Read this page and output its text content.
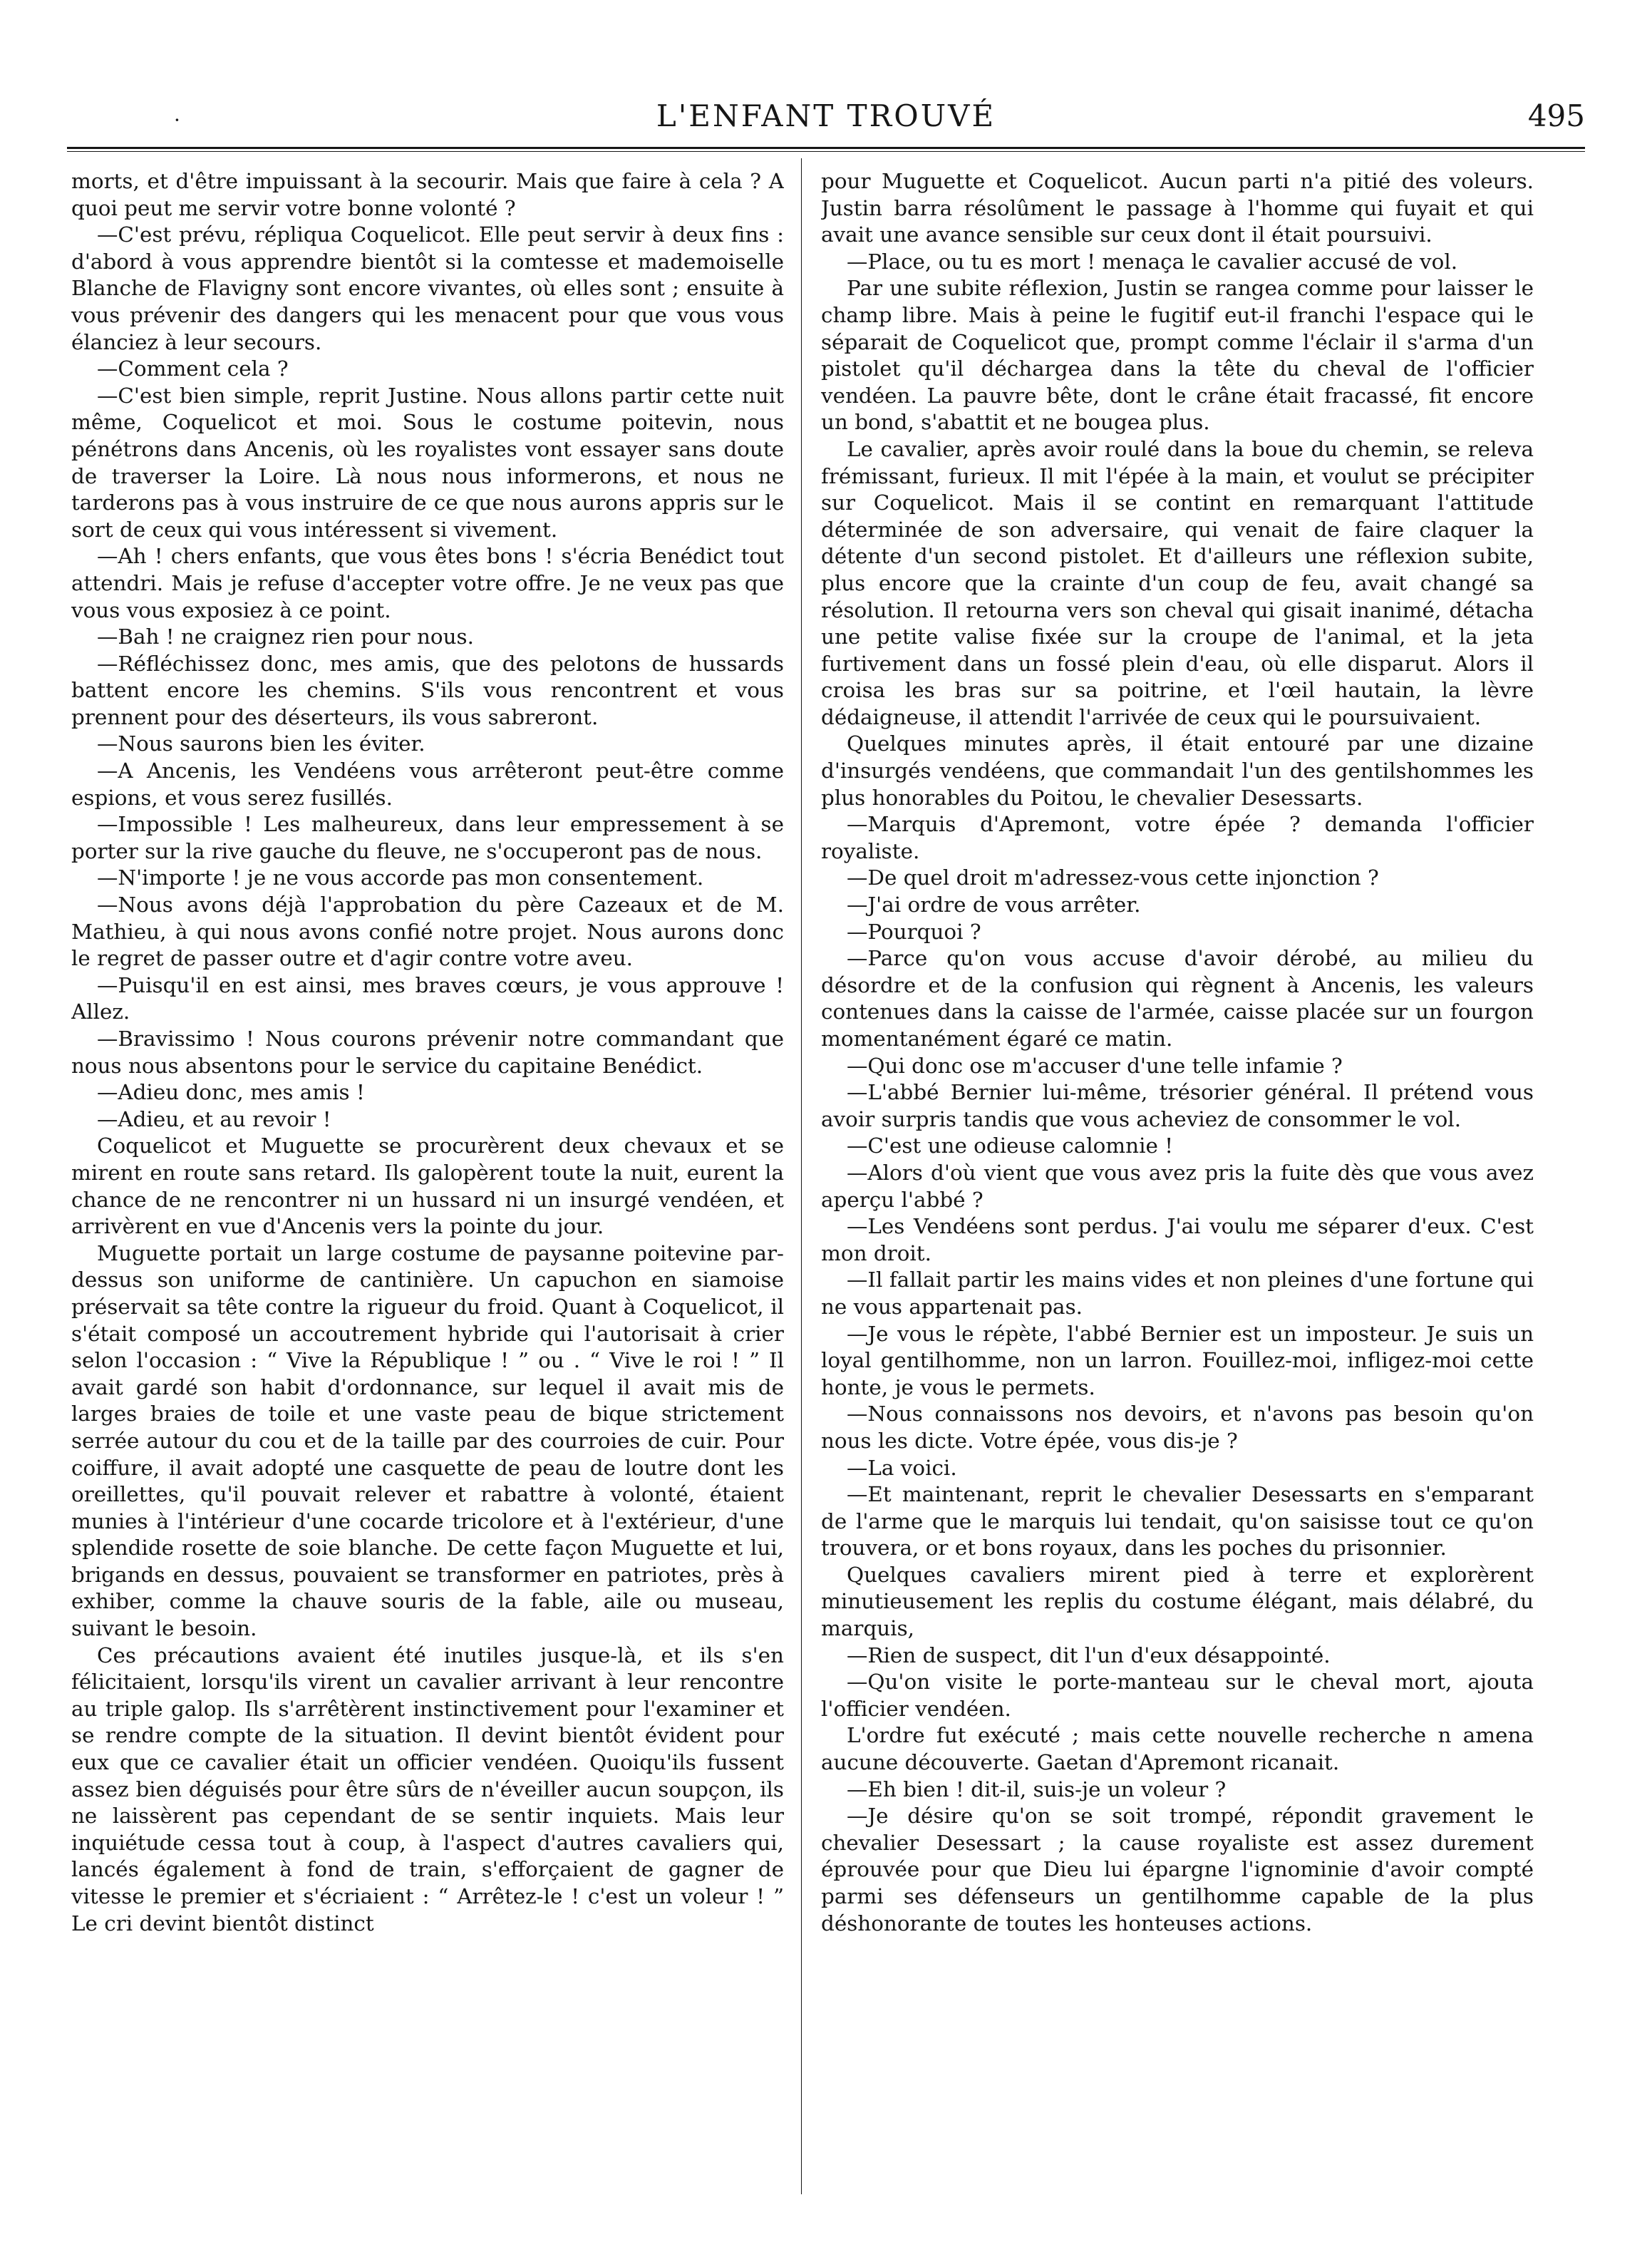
·	L'ENFANT TROUVÉ	495

morts, et d'être impuissant à la secourir. Mais que faire à cela ? A quoi peut me servir votre bonne volonté ?

—C'est prévu, répliqua Coquelicot. Elle peut servir à deux fins : d'abord à vous apprendre bientôt si la comtesse et mademoiselle Blanche de Flavigny sont encore vivantes, où elles sont ; ensuite à vous prévenir des dangers qui les menacent pour que vous vous élanciez à leur secours.

—Comment cela ?

—C'est bien simple, reprit Justine. Nous allons partir cette nuit même, Coquelicot et moi. Sous le costume poitevin, nous pénétrons dans Ancenis, où les royalistes vont essayer sans doute de traverser la Loire. Là nous nous informerons, et nous ne tarderons pas à vous instruire de ce que nous aurons appris sur le sort de ceux qui vous intéressent si vivement.

—Ah ! chers enfants, que vous êtes bons ! s'écria Benédict tout attendri. Mais je refuse d'accepter votre offre. Je ne veux pas que vous vous exposiez à ce point.

—Bah ! ne craignez rien pour nous.

—Réfléchissez donc, mes amis, que des pelotons de hussards battent encore les chemins. S'ils vous rencontrent et vous prennent pour des déserteurs, ils vous sabreront.

—Nous saurons bien les éviter.

—A Ancenis, les Vendéens vous arrêteront peut-être comme espions, et vous serez fusillés.

—Impossible ! Les malheureux, dans leur empressement à se porter sur la rive gauche du fleuve, ne s'occuperont pas de nous.

—N'importe ! je ne vous accorde pas mon consentement.

—Nous avons déjà l'approbation du père Cazeaux et de M. Mathieu, à qui nous avons confié notre projet. Nous aurons donc le regret de passer outre et d'agir contre votre aveu.

—Puisqu'il en est ainsi, mes braves cœurs, je vous approuve ! Allez.

—Bravissimo ! Nous courons prévenir notre commandant que nous nous absentons pour le service du capitaine Benédict.

—Adieu donc, mes amis !

—Adieu, et au revoir !

Coquelicot et Muguette se procurèrent deux chevaux et se mirent en route sans retard. Ils galopèrent toute la nuit, eurent la chance de ne rencontrer ni un hussard ni un insurgé vendéen, et arrivèrent en vue d'Ancenis vers la pointe du jour.

Muguette portait un large costume de paysanne poitevine par-dessus son uniforme de cantinière. Un capuchon en siamoise préservait sa tête contre la rigueur du froid. Quant à Coquelicot, il s'était composé un accoutrement hybride qui l'autorisait à crier selon l'occasion : “ Vive la République ! ” ou . “ Vive le roi ! ” Il avait gardé son habit d'ordonnance, sur lequel il avait mis de larges braies de toile et une vaste peau de bique strictement serrée autour du cou et de la taille par des courroies de cuir. Pour coiffure, il avait adopté une casquette de peau de loutre dont les oreillettes, qu'il pouvait relever et rabattre à volonté, étaient munies à l'intérieur d'une cocarde tricolore et à l'extérieur, d'une splendide rosette de soie blanche. De cette façon Muguette et lui, brigands en dessus, pouvaient se transformer en patriotes, près à exhiber, comme la chauve souris de la fable, aile ou museau, suivant le besoin.

Ces précautions avaient été inutiles jusque-là, et ils s'en félicitaient, lorsqu'ils virent un cavalier arrivant à leur rencontre au triple galop. Ils s'arrêtèrent instinctivement pour l'examiner et se rendre compte de la situation. Il devint bientôt évident pour eux que ce cavalier était un officier vendéen. Quoiqu'ils fussent assez bien déguisés pour être sûrs de n'éveiller aucun soupçon, ils ne laissèrent pas cependant de se sentir inquiets. Mais leur inquiétude cessa tout à coup, à l'aspect d'autres cavaliers qui, lancés également à fond de train, s'efforçaient de gagner de vitesse le premier et s'écriaient : “ Arrêtez-le ! c'est un voleur ! ” Le cri devint bientôt distinct

pour Muguette et Coquelicot. Aucun parti n'a pitié des voleurs. Justin barra résolûment le passage à l'homme qui fuyait et qui avait une avance sensible sur ceux dont il était poursuivi.

—Place, ou tu es mort ! menaça le cavalier accusé de vol.

Par une subite réflexion, Justin se rangea comme pour laisser le champ libre. Mais à peine le fugitif eut-il franchi l'espace qui le séparait de Coquelicot que, prompt comme l'éclair il s'arma d'un pistolet qu'il déchargea dans la tête du cheval de l'officier vendéen. La pauvre bête, dont le crâne était fracassé, fit encore un bond, s'abattit et ne bougea plus.

Le cavalier, après avoir roulé dans la boue du chemin, se releva frémissant, furieux. Il mit l'épée à la main, et voulut se précipiter sur Coquelicot. Mais il se contint en remarquant l'attitude déterminée de son adversaire, qui venait de faire claquer la détente d'un second pistolet. Et d'ailleurs une réflexion subite, plus encore que la crainte d'un coup de feu, avait changé sa résolution. Il retourna vers son cheval qui gisait inanimé, détacha une petite valise fixée sur la croupe de l'animal, et la jeta furtivement dans un fossé plein d'eau, où elle disparut. Alors il croisa les bras sur sa poitrine, et l'œil hautain, la lèvre dédaigneuse, il attendit l'arrivée de ceux qui le poursuivaient.

Quelques minutes après, il était entouré par une dizaine d'insurgés vendéens, que commandait l'un des gentilshommes les plus honorables du Poitou, le chevalier Desessarts.

—Marquis d'Apremont, votre épée ? demanda l'officier royaliste.

—De quel droit m'adressez-vous cette injonction ?

—J'ai ordre de vous arrêter.

—Pourquoi ?

—Parce qu'on vous accuse d'avoir dérobé, au milieu du désordre et de la confusion qui règnent à Ancenis, les valeurs contenues dans la caisse de l'armée, caisse placée sur un fourgon momentanément égaré ce matin.

—Qui donc ose m'accuser d'une telle infamie ?

—L'abbé Bernier lui-même, trésorier général. Il prétend vous avoir surpris tandis que vous acheviez de consommer le vol.

—C'est une odieuse calomnie !

—Alors d'où vient que vous avez pris la fuite dès que vous avez aperçu l'abbé ?

—Les Vendéens sont perdus. J'ai voulu me séparer d'eux. C'est mon droit.

—Il fallait partir les mains vides et non pleines d'une fortune qui ne vous appartenait pas.

—Je vous le répète, l'abbé Bernier est un imposteur. Je suis un loyal gentilhomme, non un larron. Fouillez-moi, infligez-moi cette honte, je vous le permets.

—Nous connaissons nos devoirs, et n'avons pas besoin qu'on nous les dicte. Votre épée, vous dis-je ?

—La voici.

—Et maintenant, reprit le chevalier Desessarts en s'emparant de l'arme que le marquis lui tendait, qu'on saisisse tout ce qu'on trouvera, or et bons royaux, dans les poches du prisonnier.

Quelques cavaliers mirent pied à terre et explorèrent minutieusement les replis du costume élégant, mais délabré, du marquis,

—Rien de suspect, dit l'un d'eux désappointé.

—Qu'on visite le porte-manteau sur le cheval mort, ajouta l'officier vendéen.

L'ordre fut exécuté ; mais cette nouvelle recherche n amena aucune découverte. Gaetan d'Apremont ricanait.

—Eh bien ! dit-il, suis-je un voleur ?

—Je désire qu'on se soit trompé, répondit gravement le chevalier Desessart ; la cause royaliste est assez durement éprouvée pour que Dieu lui épargne l'ignominie d'avoir compté parmi ses défenseurs un gentilhomme capable de la plus déshonorante de toutes les honteuses actions.
